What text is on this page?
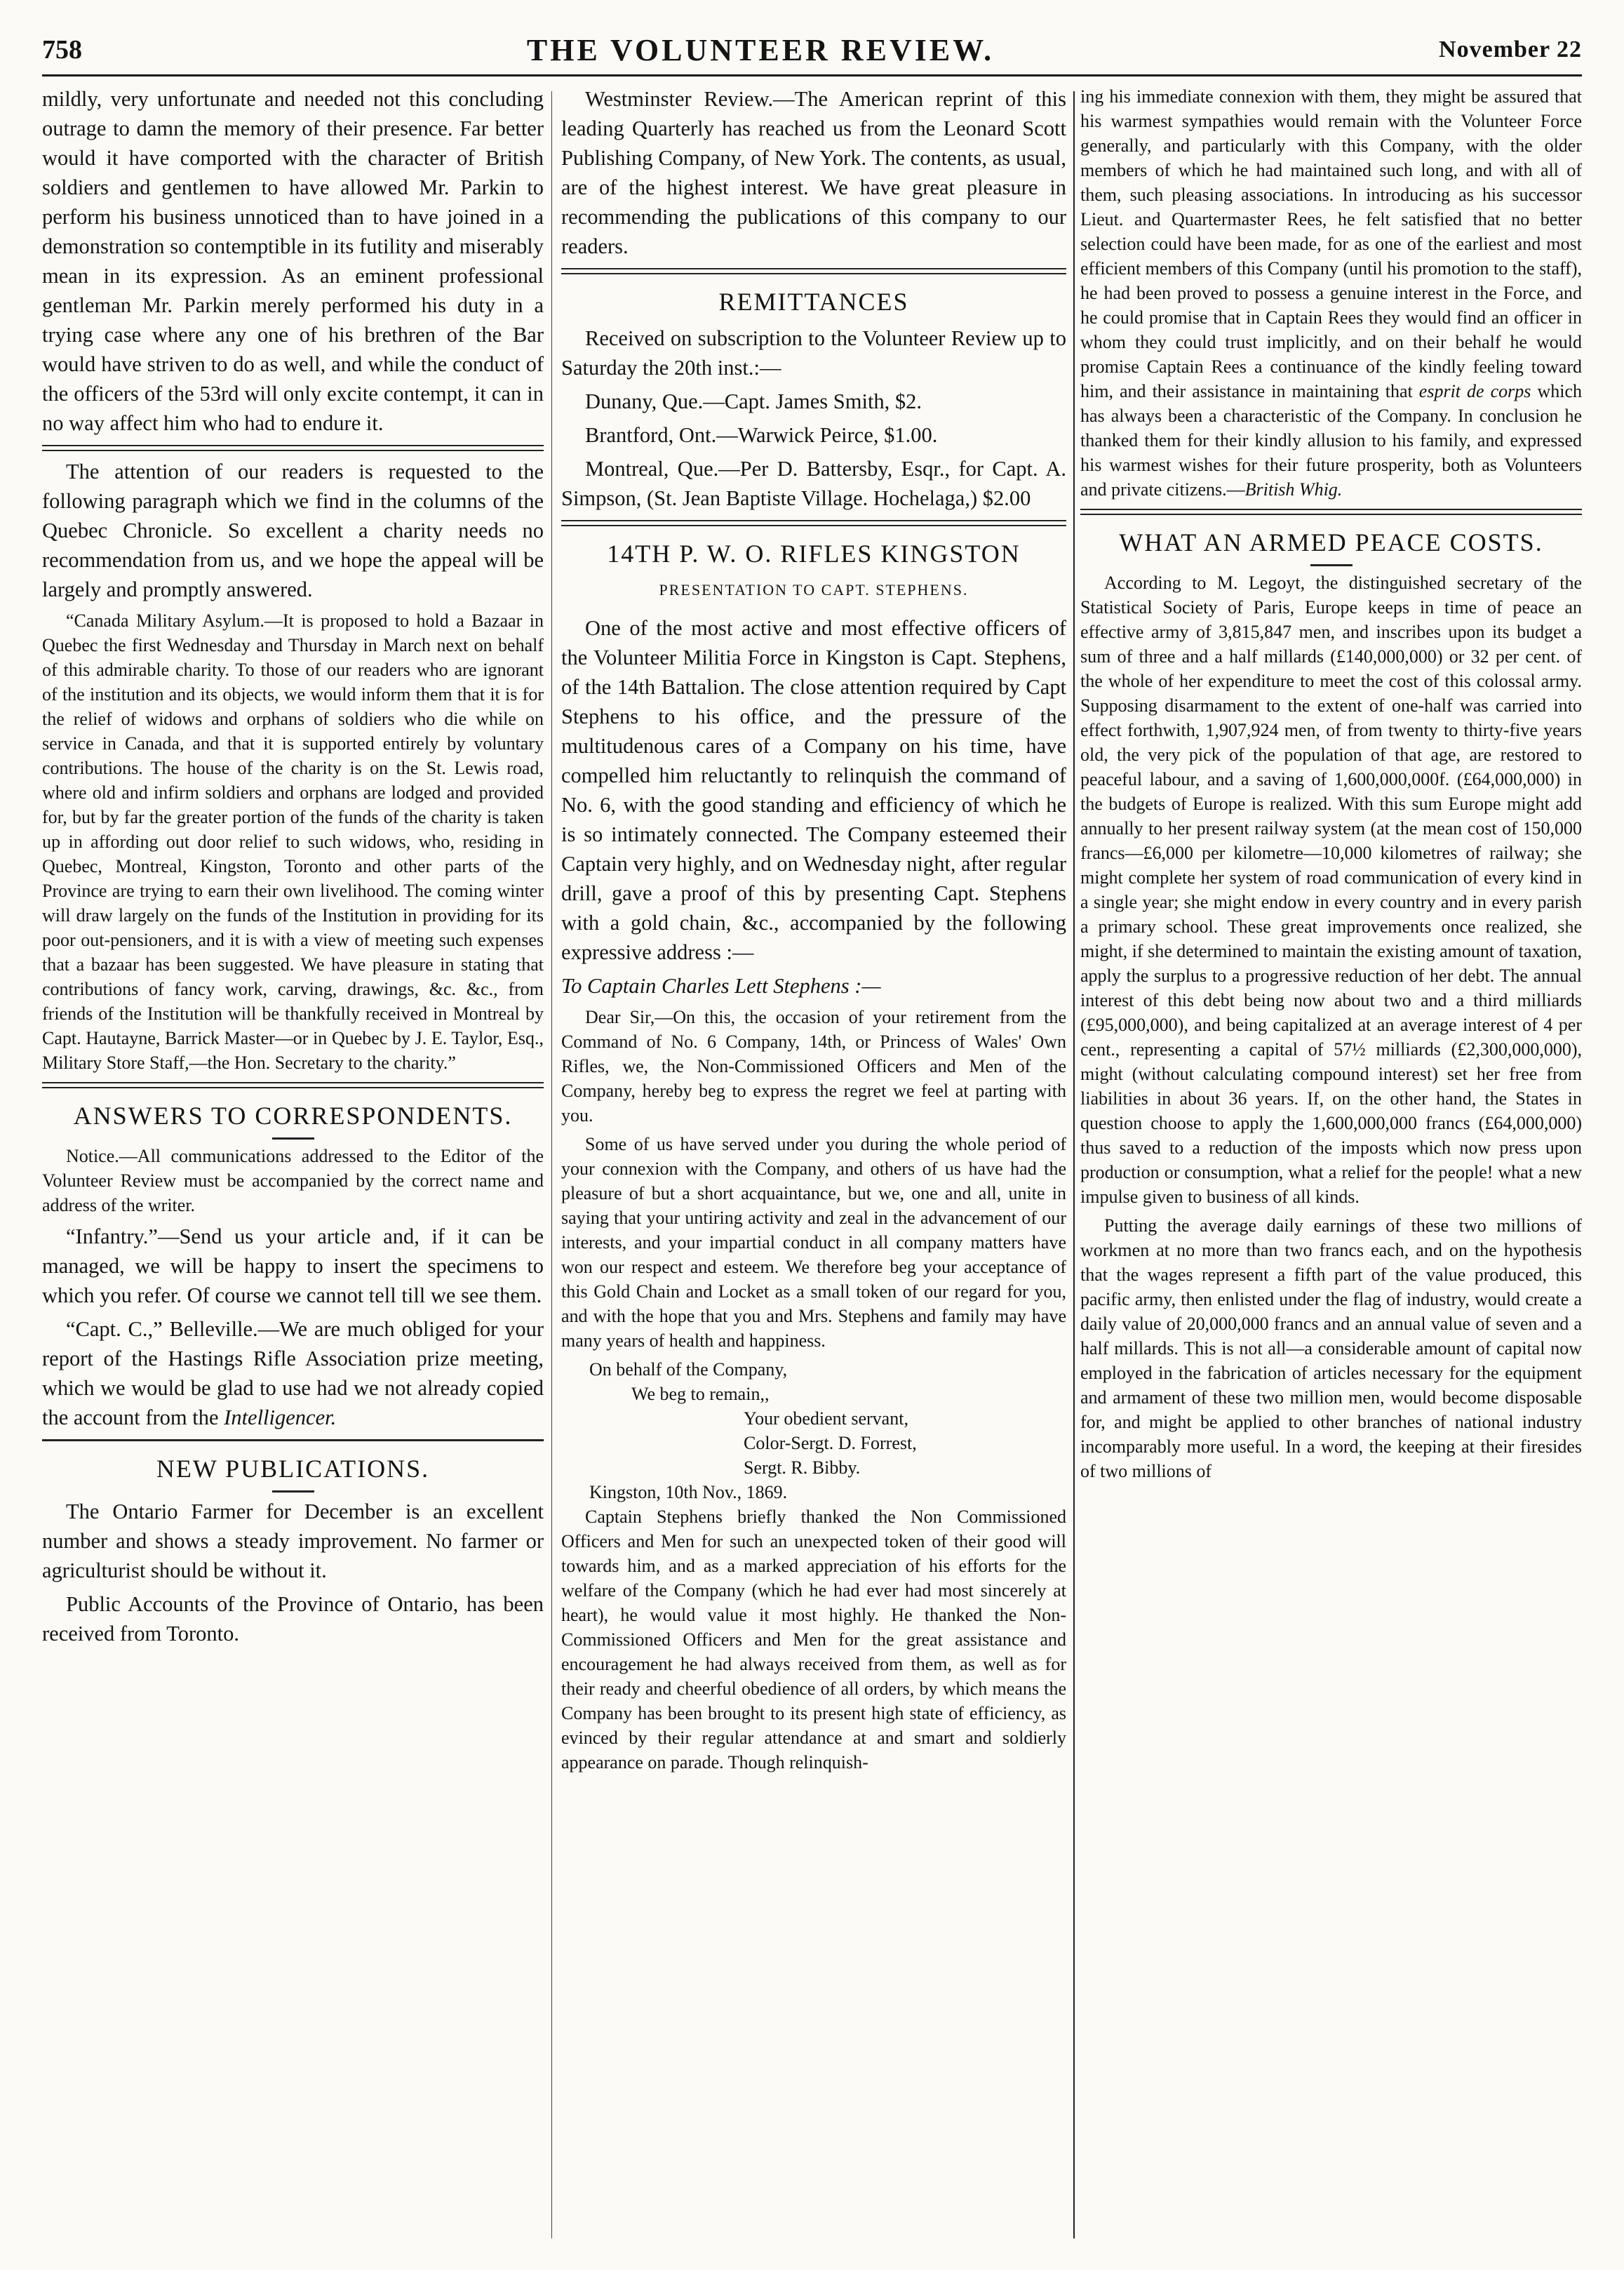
758	THE VOLUNTEER REVIEW.	November 22

mildly, very unfortunate and needed not this concluding outrage to damn the memory of their presence. Far better would it have comported with the character of British soldiers and gentlemen to have allowed Mr. Parkin to perform his business unnoticed than to have joined in a demonstration so contemptible in its futility and miserably mean in its expression. As an eminent professional gentleman Mr. Parkin merely performed his duty in a trying case where any one of his brethren of the Bar would have striven to do as well, and while the conduct of the officers of the 53rd will only excite contempt, it can in no way affect him who had to endure it.

The attention of our readers is requested to the following paragraph which we find in the columns of the Quebec Chronicle. So excellent a charity needs no recommendation from us, and we hope the appeal will be largely and promptly answered.

“Canada Military Asylum.—It is proposed to hold a Bazaar in Quebec the first Wednesday and Thursday in March next on behalf of this admirable charity. To those of our readers who are ignorant of the institution and its objects, we would inform them that it is for the relief of widows and orphans of soldiers who die while on service in Canada, and that it is supported entirely by voluntary contributions. The house of the charity is on the St. Lewis road, where old and infirm soldiers and orphans are lodged and provided for, but by far the greater portion of the funds of the charity is taken up in affording out door relief to such widows, who, residing in Quebec, Montreal, Kingston, Toronto and other parts of the Province are trying to earn their own livelihood. The coming winter will draw largely on the funds of the Institution in providing for its poor out-pensioners, and it is with a view of meeting such expenses that a bazaar has been suggested. We have pleasure in stating that contributions of fancy work, carving, drawings, &c. &c., from friends of the Institution will be thankfully received in Montreal by Capt. Hautayne, Barrick Master—or in Quebec by J. E. Taylor, Esq., Military Store Staff,—the Hon. Secretary to the charity.”

ANSWERS TO CORRESPONDENTS.

Notice.—All communications addressed to the Editor of the Volunteer Review must be accompanied by the correct name and address of the writer.

“Infantry.”—Send us your article and, if it can be managed, we will be happy to insert the specimens to which you refer. Of course we cannot tell till we see them.

“Capt. C.,” Belleville.—We are much obliged for your report of the Hastings Rifle Association prize meeting, which we would be glad to use had we not already copied the account from the Intelligencer.

NEW PUBLICATIONS.

The Ontario Farmer for December is an excellent number and shows a steady improvement. No farmer or agriculturist should be without it.

Public Accounts of the Province of Ontario, has been received from Toronto.

Westminster Review.—The American reprint of this leading Quarterly has reached us from the Leonard Scott Publishing Company, of New York. The contents, as usual, are of the highest interest. We have great pleasure in recommending the publications of this company to our readers.

REMITTANCES

Received on subscription to the Volunteer Review up to Saturday the 20th inst.:—

Dunany, Que.—Capt. James Smith, $2.

Brantford, Ont.—Warwick Peirce, $1.00.

Montreal, Que.—Per D. Battersby, Esqr., for Capt. A. Simpson, (St. Jean Baptiste Village. Hochelaga,) $2.00

14TH P. W. O. RIFLES KINGSTON
PRESENTATION TO CAPT. STEPHENS.

One of the most active and most effective officers of the Volunteer Militia Force in Kingston is Capt. Stephens, of the 14th Battalion. The close attention required by Capt Stephens to his office, and the pressure of the multitudenous cares of a Company on his time, have compelled him reluctantly to relinquish the command of No. 6, with the good standing and efficiency of which he is so intimately connected. The Company esteemed their Captain very highly, and on Wednesday night, after regular drill, gave a proof of this by presenting Capt. Stephens with a gold chain, &c., accompanied by the following expressive address :—

To Captain Charles Lett Stephens :—

Dear Sir,—On this, the occasion of your retirement from the Command of No. 6 Company, 14th, or Princess of Wales' Own Rifles, we, the Non-Commissioned Officers and Men of the Company, hereby beg to express the regret we feel at parting with you.

Some of us have served under you during the whole period of your connexion with the Company, and others of us have had the pleasure of but a short acquaintance, but we, one and all, unite in saying that your untiring activity and zeal in the advancement of our interests, and your impartial conduct in all company matters have won our respect and esteem. We therefore beg your acceptance of this Gold Chain and Locket as a small token of our regard for you, and with the hope that you and Mrs. Stephens and family may have many years of health and happiness.

On behalf of the Company,
We beg to remain,,
Your obedient servant,
Color-Sergt. D. Forrest,
Sergt. R. Bibby.
Kingston, 10th Nov., 1869.

Captain Stephens briefly thanked the Non Commissioned Officers and Men for such an unexpected token of their good will towards him, and as a marked appreciation of his efforts for the welfare of the Company (which he had ever had most sincerely at heart), he would value it most highly. He thanked the Non-Commissioned Officers and Men for the great assistance and encouragement he had always received from them, as well as for their ready and cheerful obedience of all orders, by which means the Company has been brought to its present high state of efficiency, as evinced by their regular attendance at and smart and soldierly appearance on parade. Though relinquish-

ing his immediate connexion with them, they might be assured that his warmest sympathies would remain with the Volunteer Force generally, and particularly with this Company, with the older members of which he had maintained such long, and with all of them, such pleasing associations. In introducing as his successor Lieut. and Quartermaster Rees, he felt satisfied that no better selection could have been made, for as one of the earliest and most efficient members of this Company (until his promotion to the staff), he had been proved to possess a genuine interest in the Force, and he could promise that in Captain Rees they would find an officer in whom they could trust implicitly, and on their behalf he would promise Captain Rees a continuance of the kindly feeling toward him, and their assistance in maintaining that esprit de corps which has always been a characteristic of the Company. In conclusion he thanked them for their kindly allusion to his family, and expressed his warmest wishes for their future prosperity, both as Volunteers and private citizens.—British Whig.

WHAT AN ARMED PEACE COSTS.

According to M. Legoyt, the distinguished secretary of the Statistical Society of Paris, Europe keeps in time of peace an effective army of 3,815,847 men, and inscribes upon its budget a sum of three and a half millards (£140,000,000) or 32 per cent. of the whole of her expenditure to meet the cost of this colossal army. Supposing disarmament to the extent of one-half was carried into effect forthwith, 1,907,924 men, of from twenty to thirty-five years old, the very pick of the population of that age, are restored to peaceful labour, and a saving of 1,600,000,000f. (£64,000,000) in the budgets of Europe is realized. With this sum Europe might add annually to her present railway system (at the mean cost of 150,000 francs—£6,000 per kilometre—10,000 kilometres of railway; she might complete her system of road communication of every kind in a single year; she might endow in every country and in every parish a primary school. These great improvements once realized, she might, if she determined to maintain the existing amount of taxation, apply the surplus to a progressive reduction of her debt. The annual interest of this debt being now about two and a third milliards (£95,000,000), and being capitalized at an average interest of 4 per cent., representing a capital of 57½ milliards (£2,300,000,000), might (without calculating compound interest) set her free from liabilities in about 36 years. If, on the other hand, the States in question choose to apply the 1,600,000,000 francs (£64,000,000) thus saved to a reduction of the imposts which now press upon production or consumption, what a relief for the people! what a new impulse given to business of all kinds.

Putting the average daily earnings of these two millions of workmen at no more than two francs each, and on the hypothesis that the wages represent a fifth part of the value produced, this pacific army, then enlisted under the flag of industry, would create a daily value of 20,000,000 francs and an annual value of seven and a half millards. This is not all—a considerable amount of capital now employed in the fabrication of articles necessary for the equipment and armament of these two million men, would become disposable for, and might be applied to other branches of national industry incomparably more useful. In a word, the keeping at their firesides of two millions of
